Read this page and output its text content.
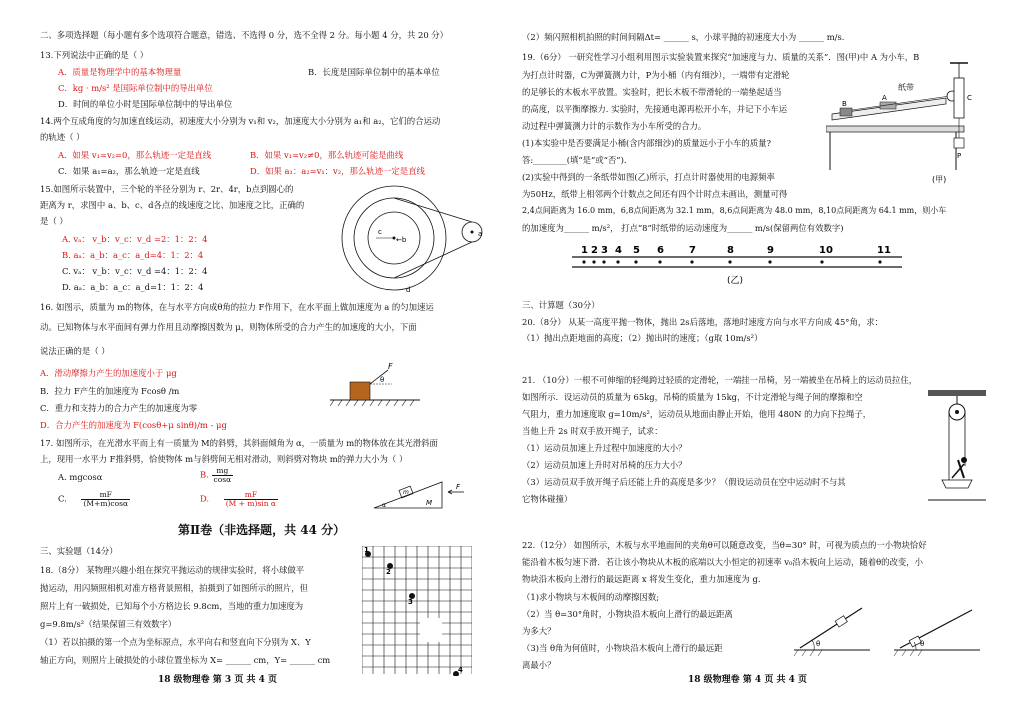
二、多项选择题（每小题有多个选项符合题意，错选、不选得 0 分，选不全得 2 分。每小题 4 分，共 20 分）
13.下列说法中正确的是（ ）
A．质量是物理学中的基本物理量	B．长度是国际单位制中的基本单位
C．kg · m/s² 是国际单位制中的导出单位
D．时间的单位小时是国际单位制中的导出单位
14.两个互成角度的匀加速直线运动，初速度大小分别为 v₁和 v₂，加速度大小分别为 a₁和 a₂，它们的合运动
的轨迹（ ）
A．如果 v₁=v₂=0，那么轨迹一定是直线	B．如果 v₁=v₂≠0，那么轨迹可能是曲线
C．如果 a₁=a₂，那么轨迹一定是直线	D．如果 a₁：a₂=v₁：v₂，那么轨迹一定是直线
15.如图所示装置中，三个轮的半径分别为 r、2r、4r，b点到圆心的
距离为 r，求图中 a、b、c、d各点的线速度之比、加速度之比，正确的
是（ ）
A. vₐ： v_b：v_c：v_d =2：1：2：4
B. aₐ：a_b：a_c：a_d=4：1：2：4
C. vₐ： v_b：v_c：v_d =4：1：2：4
D. aₐ：a_b：a_c：a_d=1：1：2：4
c
←b
d
a
16. 如图示，质量为 m的物体，在与水平方向成θ角的拉力 F作用下，在水平面上做加速度为 a 的匀加速运
动。已知物体与水平面间有弹力作用且动摩擦因数为 μ，则物体所受的合力产生的加速度的大小，下面
说法正确的是（ ）
A．滑动摩擦力产生的加速度小于 μg
B．拉力 F产生的加速度为 Fcosθ /m
C．重力和支持力的合力产生的加速度为零
D．合力产生的加速度为 F(cosθ+μ sinθ)/m - μg
F
θ
17. 如图所示，在光滑水平而上有一质量为 M的斜劈，其斜面倾角为 α，一质量为 m的物体放在其光滑斜面
上，现用一水平力 F推斜劈，恰使物体 m与斜劈间无相对滑动，则斜劈对物块 m的弹力大小为（ ）
A. mgcosα	B. $\frac{mg}{\cos\alpha}$
C. $\frac{mF}{(M+m)\cos\alpha}$	D. $\frac{mF}{\text{(M + m)sin α}}$	m
M
F
α
第Ⅱ卷（非选择题，共 44 分）
三、实验题（14分）
18.（8分） 某物理兴趣小组在探究平抛运动的规律实验时，将小球做平
抛运动，用闪频照相机对准方格背景照相，拍摄到了如图所示的照片，但
照片上有一破损处，已知每个小方格边长 9.8cm，当地的重力加速度为
g=9.8m/s²（结果保留三有效数字）
（1）若以拍摄的第一个点为坐标原点，水平向右和竖直向下分别为 X、Y
轴正方向，则照片上破损处的小球位置坐标为 X= ______ cm，Y= ______ cm
1
2
3
4
18 级物理卷 第 3 页 共 4 页
（2）频闪照相机拍照的时间间隔Δt= ______ s，小球平抛的初速度大小为 ______ m/s.
19.（6分） 一研究性学习小组利用图示实验装置来探究“加速度与力、质量的关系”．图(甲)中 A 为小车，B
为打点计时器，C为弹簧测力计，P为小桶（内有细沙），一端带有定滑轮
的足够长的木板水平放置。实验时，把长木板不带滑轮的一端垫起适当
的高度，以平衡摩擦力. 实验时，先接通电源再松开小车，并记下小车运
动过程中弹簧测力计的示数作为小车所受的合力。
(1)本实验中是否要满足小桶(含内部细沙)的质量远小于小车的质量?
答:________(填“是”或“否”).
(2)实验中得到的一条纸带如图(乙)所示，打点计时器使用的电源频率
为50Hz，纸带上相邻两个计数点之间还有四个计时点未画出，测量可得
2,4点间距离为 16.0 mm，6,8点间距离为 32.1 mm，8,6点间距离为 48.0 mm，8,10点间距离为 64.1 mm，则小车
的加速度为______ m/s²， 打点“8”时纸带的运动速度为______ m/s(保留两位有效数字)
纸带
B
A	C
P
(甲)
1 2 3 4 5 6	7	8	9	10	11
(乙)
三、计算题（30分）
20.（8分） 从某一高度平抛一物体，抛出 2s后落地，落地时速度方向与水平方向成 45°角，求：
（1）抛出点距地面的高度；（2）抛出时的速度；（g取 10m/s²）
21. （10分）一根不可伸缩的轻绳跨过轻质的定滑轮，一端挂一吊椅，另一端被坐在吊椅上的运动员拉住，
如图所示．设运动员的质量为 65kg，吊椅的质量为 15kg，不计定滑轮与绳子间的摩擦和空
气阻力，重力加速度取 g=10m/s²，运动员从地面由静止开始，他用 480N 的力向下拉绳子，
当他上升 2s 时双手放开绳子，试求：
（1）运动员加速上升过程中加速度的大小？
（2）运动员加速上升时对吊椅的压力大小？
（3）运动员双手放开绳子后还能上升的高度是多少？（假设运动员在空中运动时不与其
它物体碰撞）
22.（12分） 如图所示，木板与水平地面间的夹角θ可以随意改变，当θ=30° 时，可视为质点的一小物块恰好
能沿着木板匀速下滑．若让该小物块从木板的底端以大小恒定的初速率 v₀沿木板向上运动，随着θ的改变，小
物块沿木板向上滑行的最远距离 x 将发生变化，重力加速度为 g.
（1)求小物块与木板间的动摩擦因数;
（2）当 θ=30°角时，小物块沿木板向上滑行的最远距离
为多大？
（3)当 θ角为何值时，小物块沿木板向上滑行的最远距
离最小？
θ	θ
18 级物理卷 第 4 页 共 4 页
